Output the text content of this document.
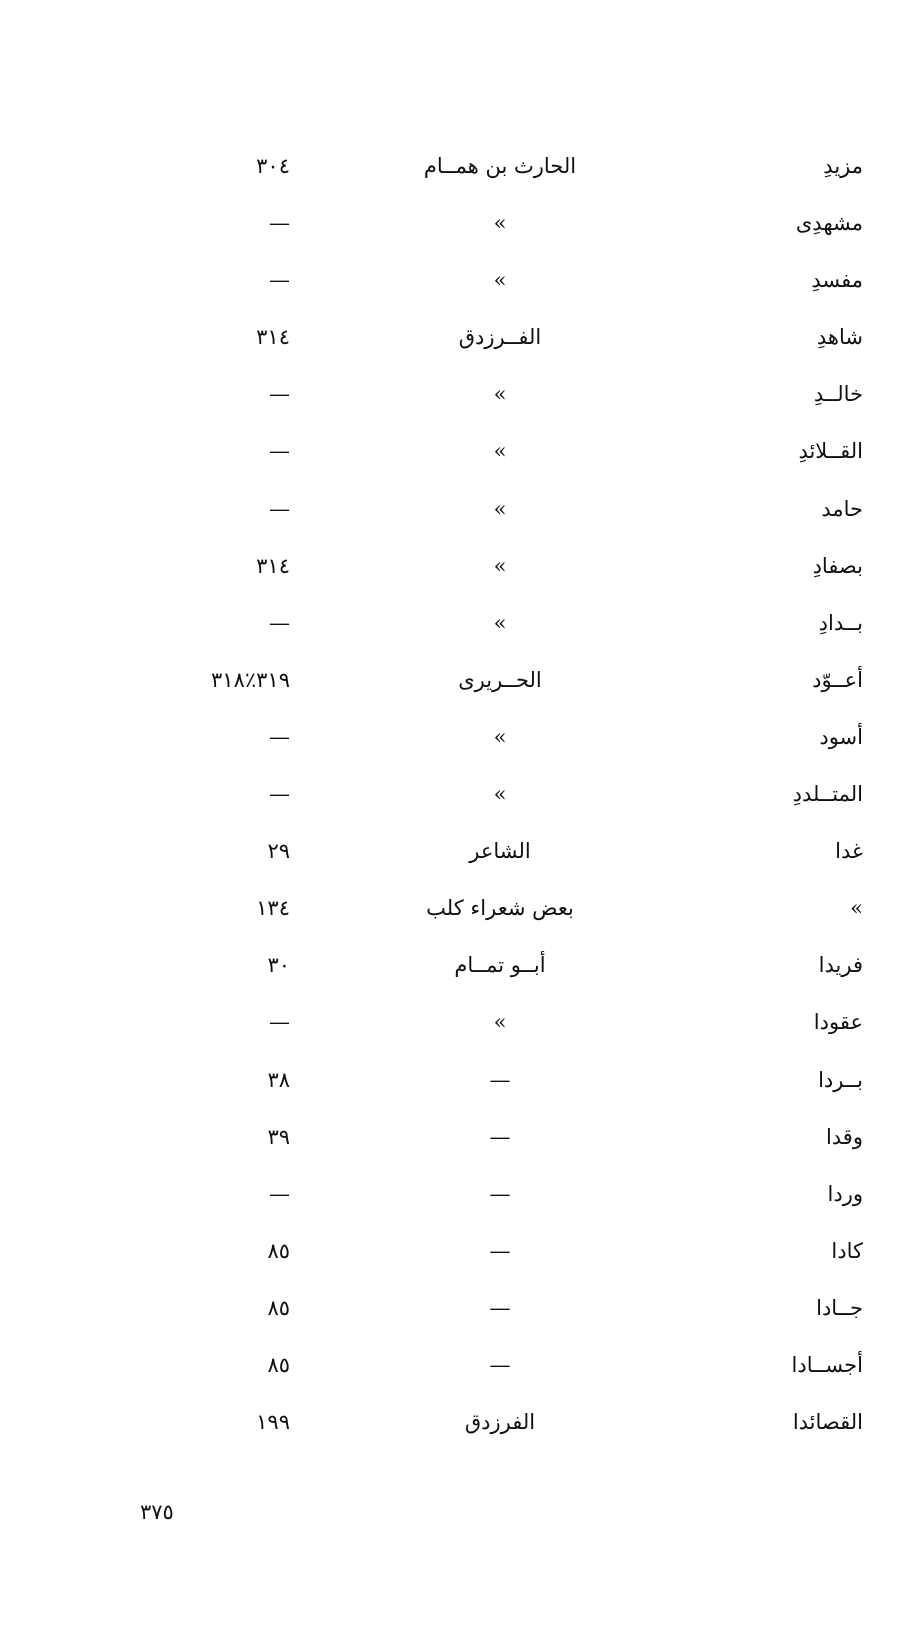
مزيدِ
الحارث بن همــام
٣٠٤
مشهدِى
»
—
مفسدِ
»
—
شاهدِ
الفــرزدق
٣١٤
خالــدِ
»
—
القــلائدِ
»
—
حامد
»
—
بصفادِ
»
٣١٤
بــدادِ
»
—
أعــوّد
الحــريرى
٣١٩٪٣١٨
أسود
»
—
المتــلددِ
»
—
غدا
الشاعر
٢٩
»
بعض شعراء كلب
١٣٤
فريدا
أبــو تمــام
٣٠
عقودا
»
—
بــردا
—
٣٨
وقدا
—
٣٩
وردا
—
—
كادا
—
٨٥
جــادا
—
٨٥
أجســادا
—
٨٥
القصائدا
الفرزدق
١٩٩
٣٧٥
